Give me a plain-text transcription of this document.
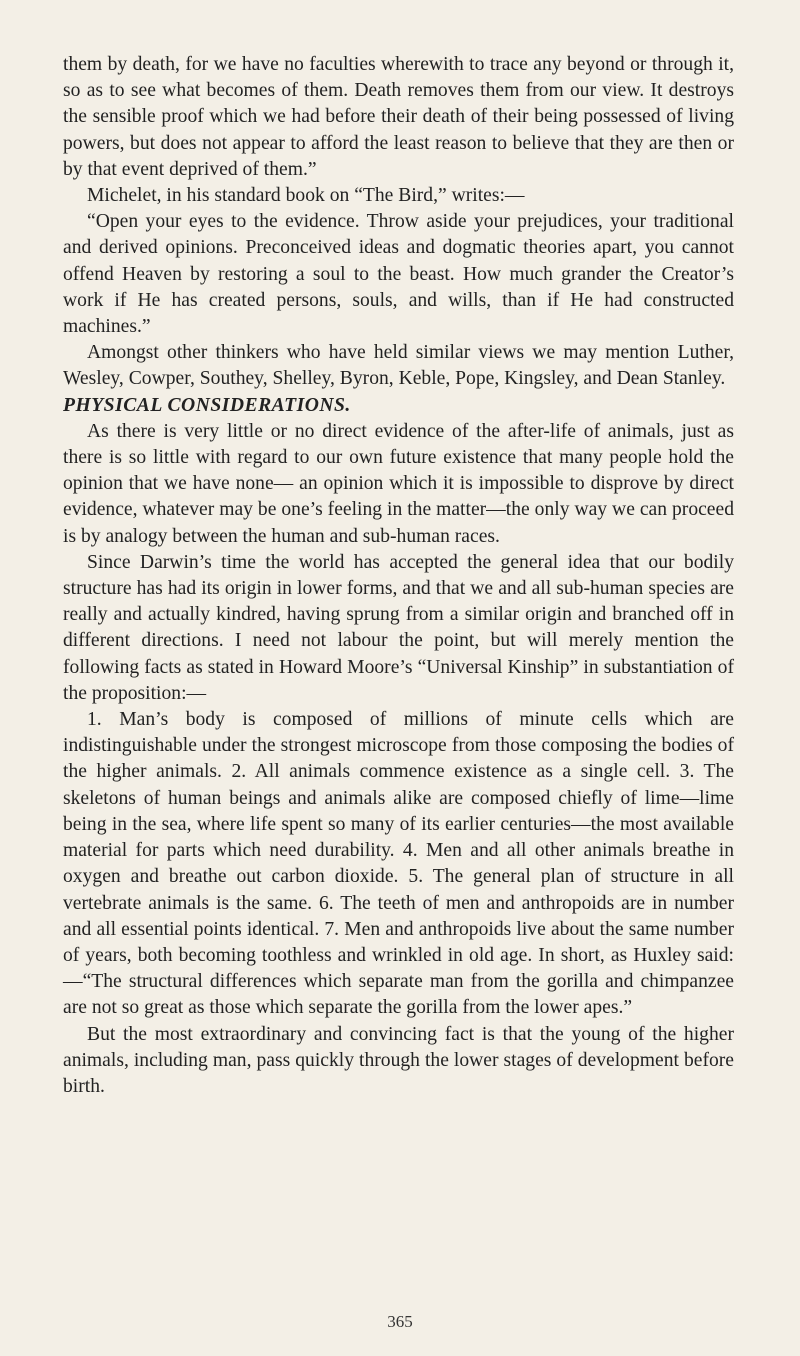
them by death, for we have no faculties wherewith to trace any beyond or through it, so as to see what becomes of them. Death removes them from our view. It destroys the sensible proof which we had before their death of their being possessed of living powers, but does not appear to afford the least reason to believe that they are then or by that event deprived of them.”

Michelet, in his standard book on “The Bird,” writes:—

“Open your eyes to the evidence. Throw aside your prejudices, your traditional and derived opinions. Preconceived ideas and dogmatic theories apart, you cannot offend Heaven by restoring a soul to the beast. How much grander the Creator’s work if He has created persons, souls, and wills, than if He had constructed machines.”

Amongst other thinkers who have held similar views we may mention Luther, Wesley, Cowper, Southey, Shelley, Byron, Keble, Pope, Kingsley, and Dean Stanley.

PHYSICAL CONSIDERATIONS.

As there is very little or no direct evidence of the after-life of animals, just as there is so little with regard to our own future existence that many people hold the opinion that we have none— an opinion which it is impossible to disprove by direct evidence, whatever may be one’s feeling in the matter—the only way we can proceed is by analogy between the human and sub-human races.

Since Darwin’s time the world has accepted the general idea that our bodily structure has had its origin in lower forms, and that we and all sub-human species are really and actually kindred, having sprung from a similar origin and branched off in different directions. I need not labour the point, but will merely mention the following facts as stated in Howard Moore’s “Universal Kinship” in substantiation of the proposition:—

1. Man’s body is composed of millions of minute cells which are indistinguishable under the strongest microscope from those composing the bodies of the higher animals. 2. All animals commence existence as a single cell. 3. The skeletons of human beings and animals alike are composed chiefly of lime—lime being in the sea, where life spent so many of its earlier centuries—the most available material for parts which need durability. 4. Men and all other animals breathe in oxygen and breathe out carbon dioxide. 5. The general plan of structure in all vertebrate animals is the same. 6. The teeth of men and anthropoids are in number and all essential points identical. 7. Men and anthropoids live about the same number of years, both becoming toothless and wrinkled in old age. In short, as Huxley said:—“The structural differences which separate man from the gorilla and chimpanzee are not so great as those which separate the gorilla from the lower apes.”

But the most extraordinary and convincing fact is that the young of the higher animals, including man, pass quickly through the lower stages of development before birth.

365
